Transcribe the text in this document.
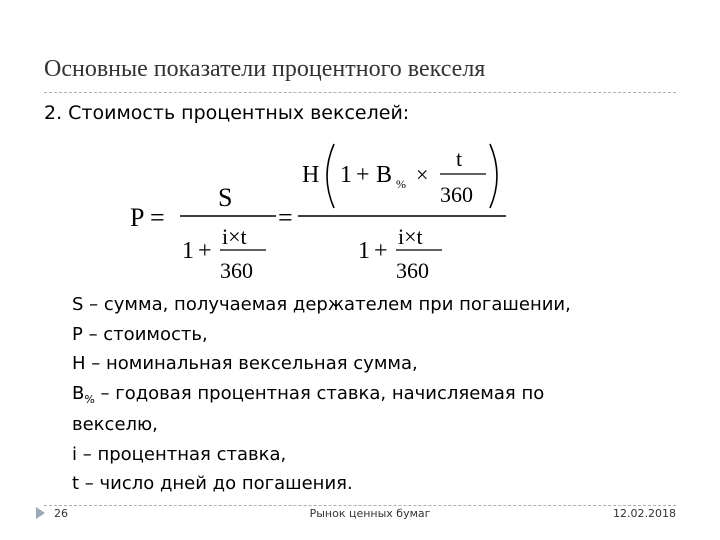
Основные показатели процентного векселя
2. Стоимость процентных векселей:
P =
S
1 +
i×t
360
=
Н 1 + В % ×
t
360
1 +
i×t
360
S – сумма, получаемая держателем при погашении,
P – стоимость,
Н – номинальная вексельная сумма,
$В_{\%}$ – годовая процентная ставка, начисляемая по
векселю,
i – процентная ставка,
t – число дней до погашения.
26	Рынок ценных бумаг	12.02.2018
